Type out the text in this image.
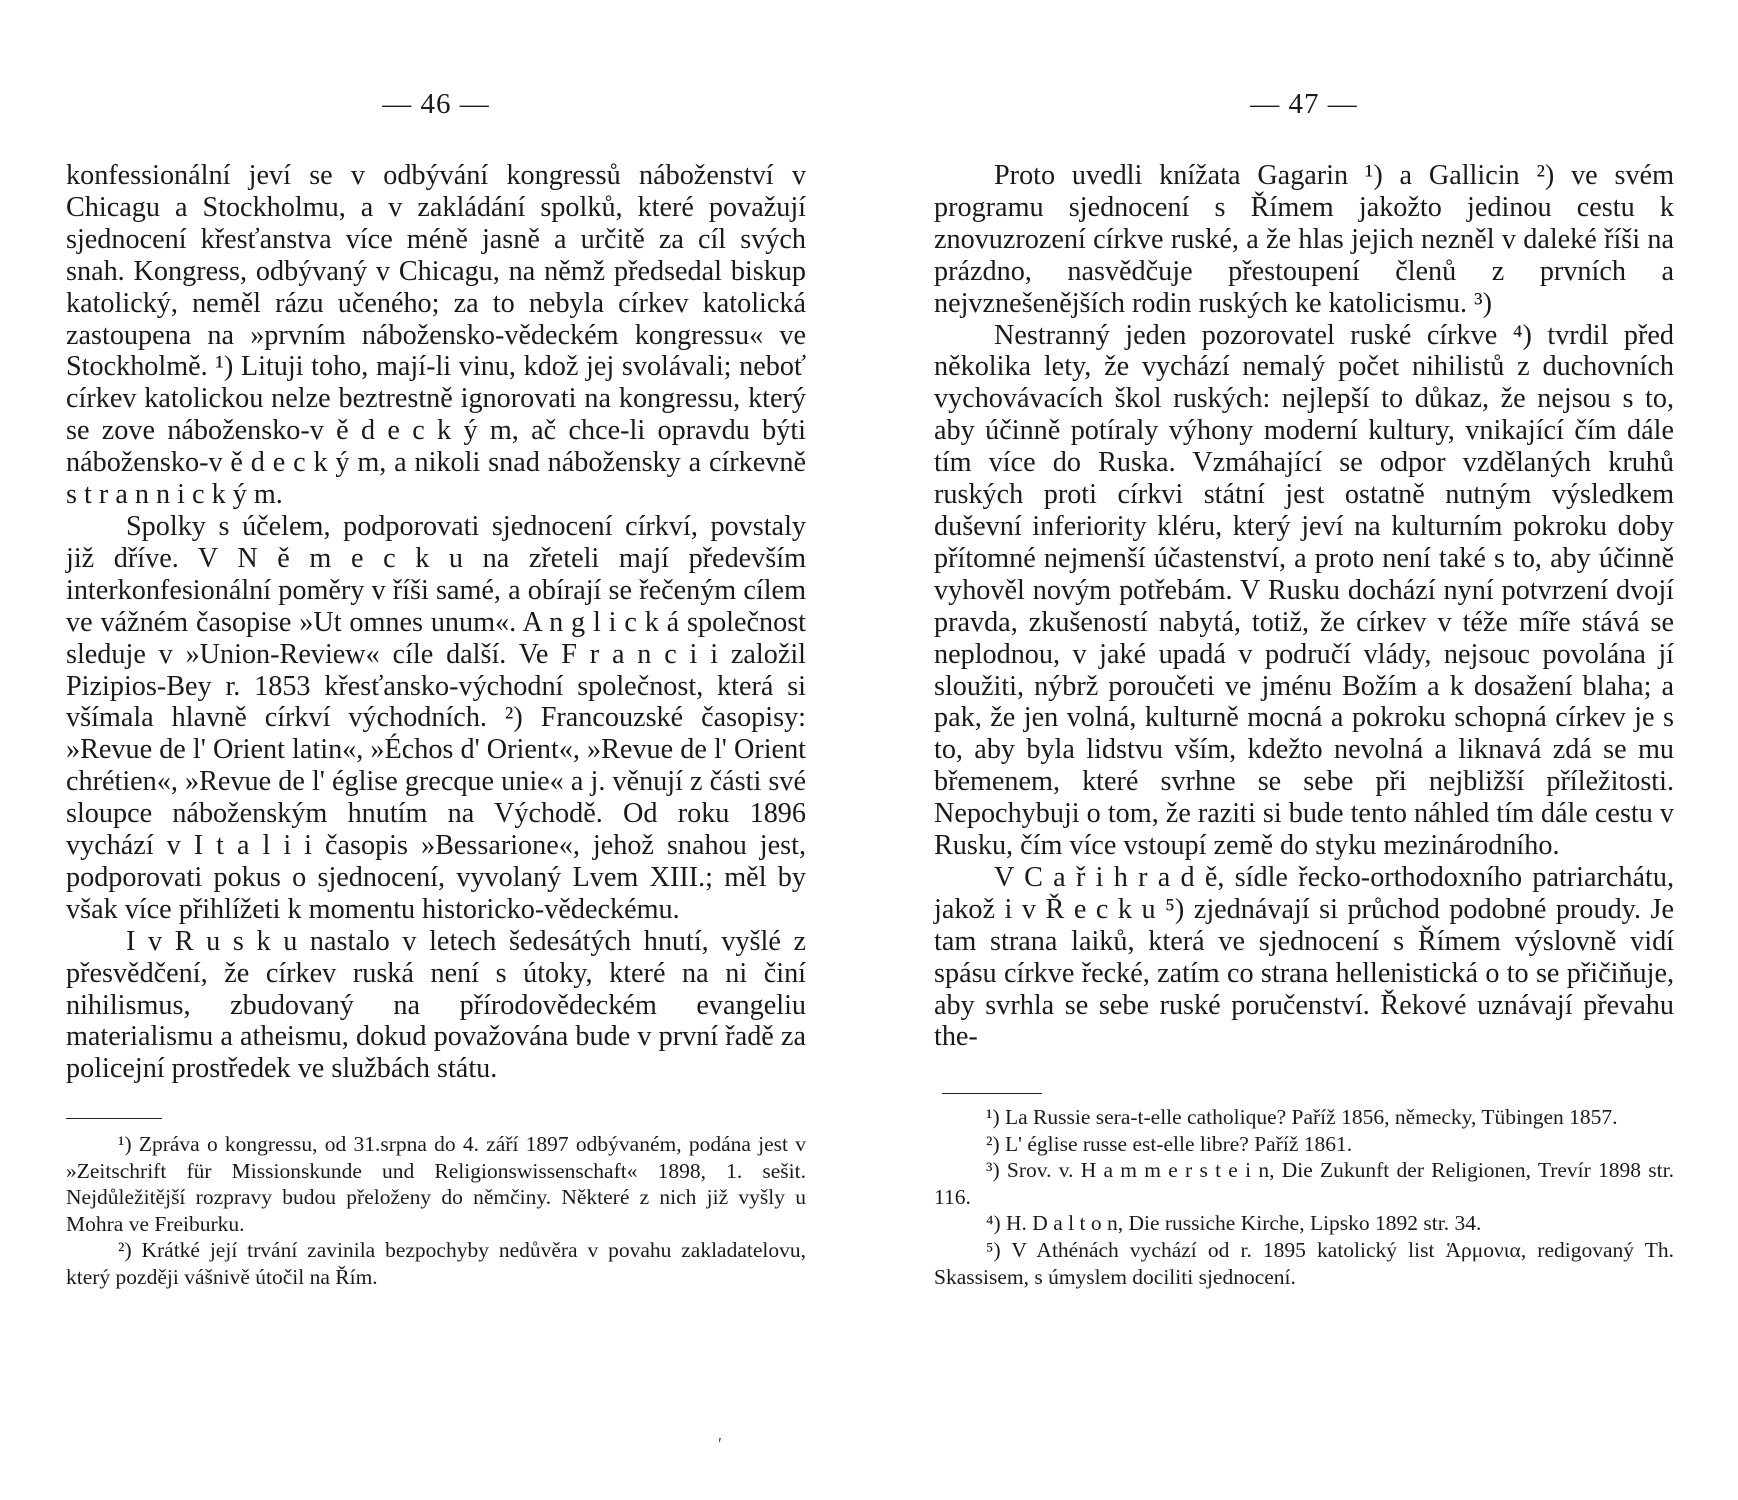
— 46 —

konfessionální jeví se v odbývání kongressů náboženství v Chicagu a Stockholmu, a v zakládání spolků, které považují sjednocení křesťanstva více méně jasně a určitě za cíl svých snah. Kongress, odbývaný v Chicagu, na němž předsedal biskup katolický, neměl rázu učeného; za to nebyla církev katolická zastoupena na »prvním nábožensko-vědeckém kongressu« ve Stockholmě. ¹) Lituji toho, mají-li vinu, kdož jej svolávali; neboť církev katolickou nelze beztrestně ignorovati na kongressu, který se zove nábožensko-v ě d e c k ý m, ač chce-li opravdu býti nábožensko-v ě d e c k ý m, a nikoli snad nábožensky a církevně s t r a n n i c k ý m.

Spolky s účelem, podporovati sjednocení církví, povstaly již dříve. V N ě m e c k u na zřeteli mají především interkonfesionální poměry v říši samé, a obírají se řečeným cílem ve vážném časopise »Ut omnes unum«. A n g l i c k á společnost sleduje v »Union-Review« cíle další. Ve F r a n c i i založil Pizipios-Bey r. 1853 křesťansko-východní společnost, která si všímala hlavně církví východních. ²) Francouzské časopisy: »Revue de l' Orient latin«, »Échos d' Orient«, »Revue de l' Orient chrétien«, »Revue de l' église grecque unie« a j. věnují z části své sloupce náboženským hnutím na Východě. Od roku 1896 vychází v I t a l i i časopis »Bessarione«, jehož snahou jest, podporovati pokus o sjednocení, vyvolaný Lvem XIII.; měl by však více přihlížeti k momentu historicko-vědeckému.

I v R u s k u nastalo v letech šedesátých hnutí, vyšlé z přesvědčení, že církev ruská není s útoky, které na ni činí nihilismus, zbudovaný na přírodovědeckém evangeliu materialismu a atheismu, dokud považována bude v první řadě za policejní prostředek ve službách státu.

¹) Zpráva o kongressu, od 31.srpna do 4. září 1897 odbývaném, podána jest v »Zeitschrift für Missionskunde und Religionswissenschaft« 1898, 1. sešit. Nejdůležitější rozpravy budou přeloženy do němčiny. Některé z nich již vyšly u Mohra ve Freiburku.

²) Krátké její trvání zavinila bezpochyby nedůvěra v povahu zakladatelovu, který později vášnivě útočil na Řím.

— 47 —

Proto uvedli knížata Gagarin ¹) a Gallicin ²) ve svém programu sjednocení s Římem jakožto jedinou cestu k znovuzrození církve ruské, a že hlas jejich nezněl v daleké říši na prázdno, nasvědčuje přestoupení členů z prvních a nejvznešenějších rodin ruských ke katolicismu. ³)

Nestranný jeden pozorovatel ruské církve ⁴) tvrdil před několika lety, že vychází nemalý počet nihilistů z duchovních vychovávacích škol ruských: nejlepší to důkaz, že nejsou s to, aby účinně potíraly výhony moderní kultury, vnikající čím dále tím více do Ruska. Vzmáhající se odpor vzdělaných kruhů ruských proti církvi státní jest ostatně nutným výsledkem duševní inferiority kléru, který jeví na kulturním pokroku doby přítomné nejmenší účastenství, a proto není také s to, aby účinně vyhověl novým potřebám. V Rusku dochází nyní potvrzení dvojí pravda, zkušeností nabytá, totiž, že církev v téže míře stává se neplodnou, v jaké upadá v područí vlády, nejsouc povolána jí sloužiti, nýbrž poroučeti ve jménu Božím a k dosažení blaha; a pak, že jen volná, kulturně mocná a pokroku schopná církev je s to, aby byla lidstvu vším, kdežto nevolná a liknavá zdá se mu břemenem, které svrhne se sebe při nejbližší příležitosti. Nepochybuji o tom, že raziti si bude tento náhled tím dále cestu v Rusku, čím více vstoupí země do styku mezinárodního.

V C a ř i h r a d ě, sídle řecko-orthodoxního patriarchátu, jakož i v Ř e c k u ⁵) zjednávají si průchod podobné proudy. Je tam strana laiků, která ve sjednocení s Římem výslovně vidí spásu církve řecké, zatím co strana hellenistická o to se přičiňuje, aby svrhla se sebe ruské poručenství. Řekové uznávají převahu the-

¹) La Russie sera-t-elle catholique? Paříž 1856, německy, Tübingen 1857.

²) L' église russe est-elle libre? Paříž 1861.

³) Srov. v. H a m m e r s t e i n, Die Zukunft der Religionen, Trevír 1898 str. 116.

⁴) H. D a l t o n, Die russiche Kirche, Lipsko 1892 str. 34.

⁵) V Athénách vychází od r. 1895 katolický list Ἁρμονια, redigovaný Th. Skassisem, s úmyslem dociliti sjednocení.

′
